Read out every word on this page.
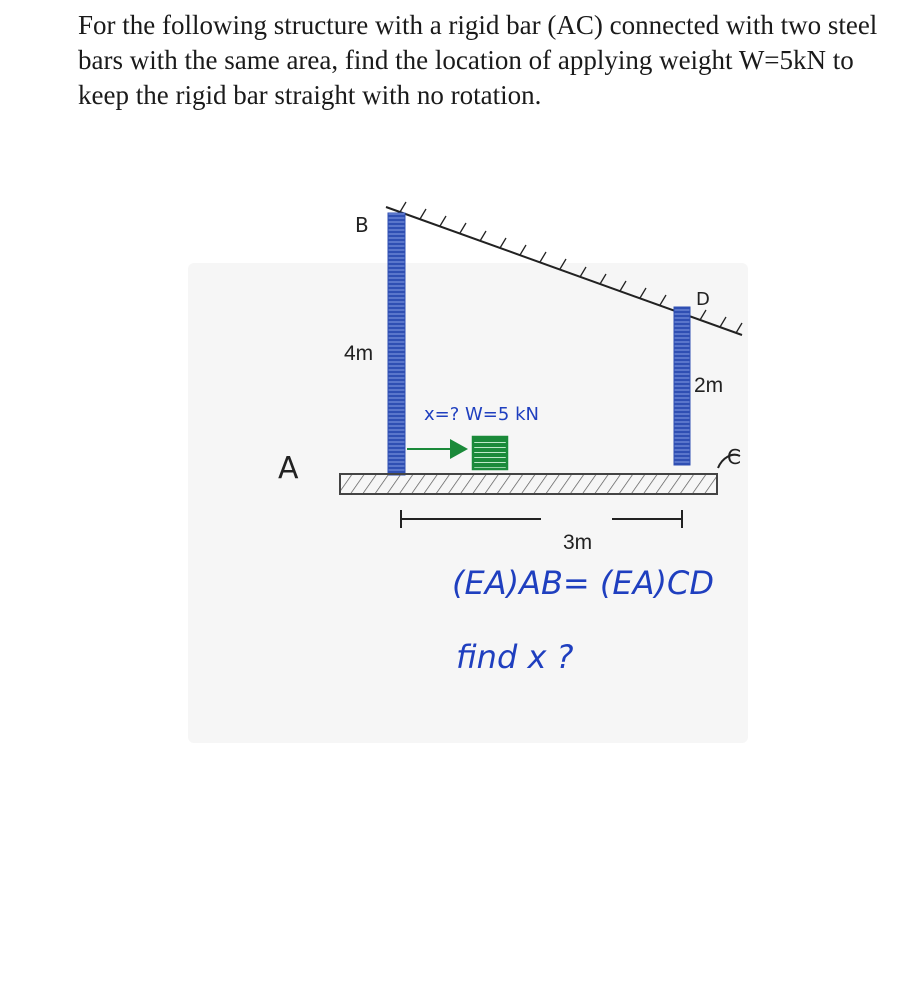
For the following structure with a rigid bar (AC) connected with two steel bars with the same area, find the location of applying weight W=5kN to keep the rigid bar straight with no rotation.

A
B
C
D
4m
2m
3m
x=? W=5 kN
(EA)AB= (EA)CD
find x ?
